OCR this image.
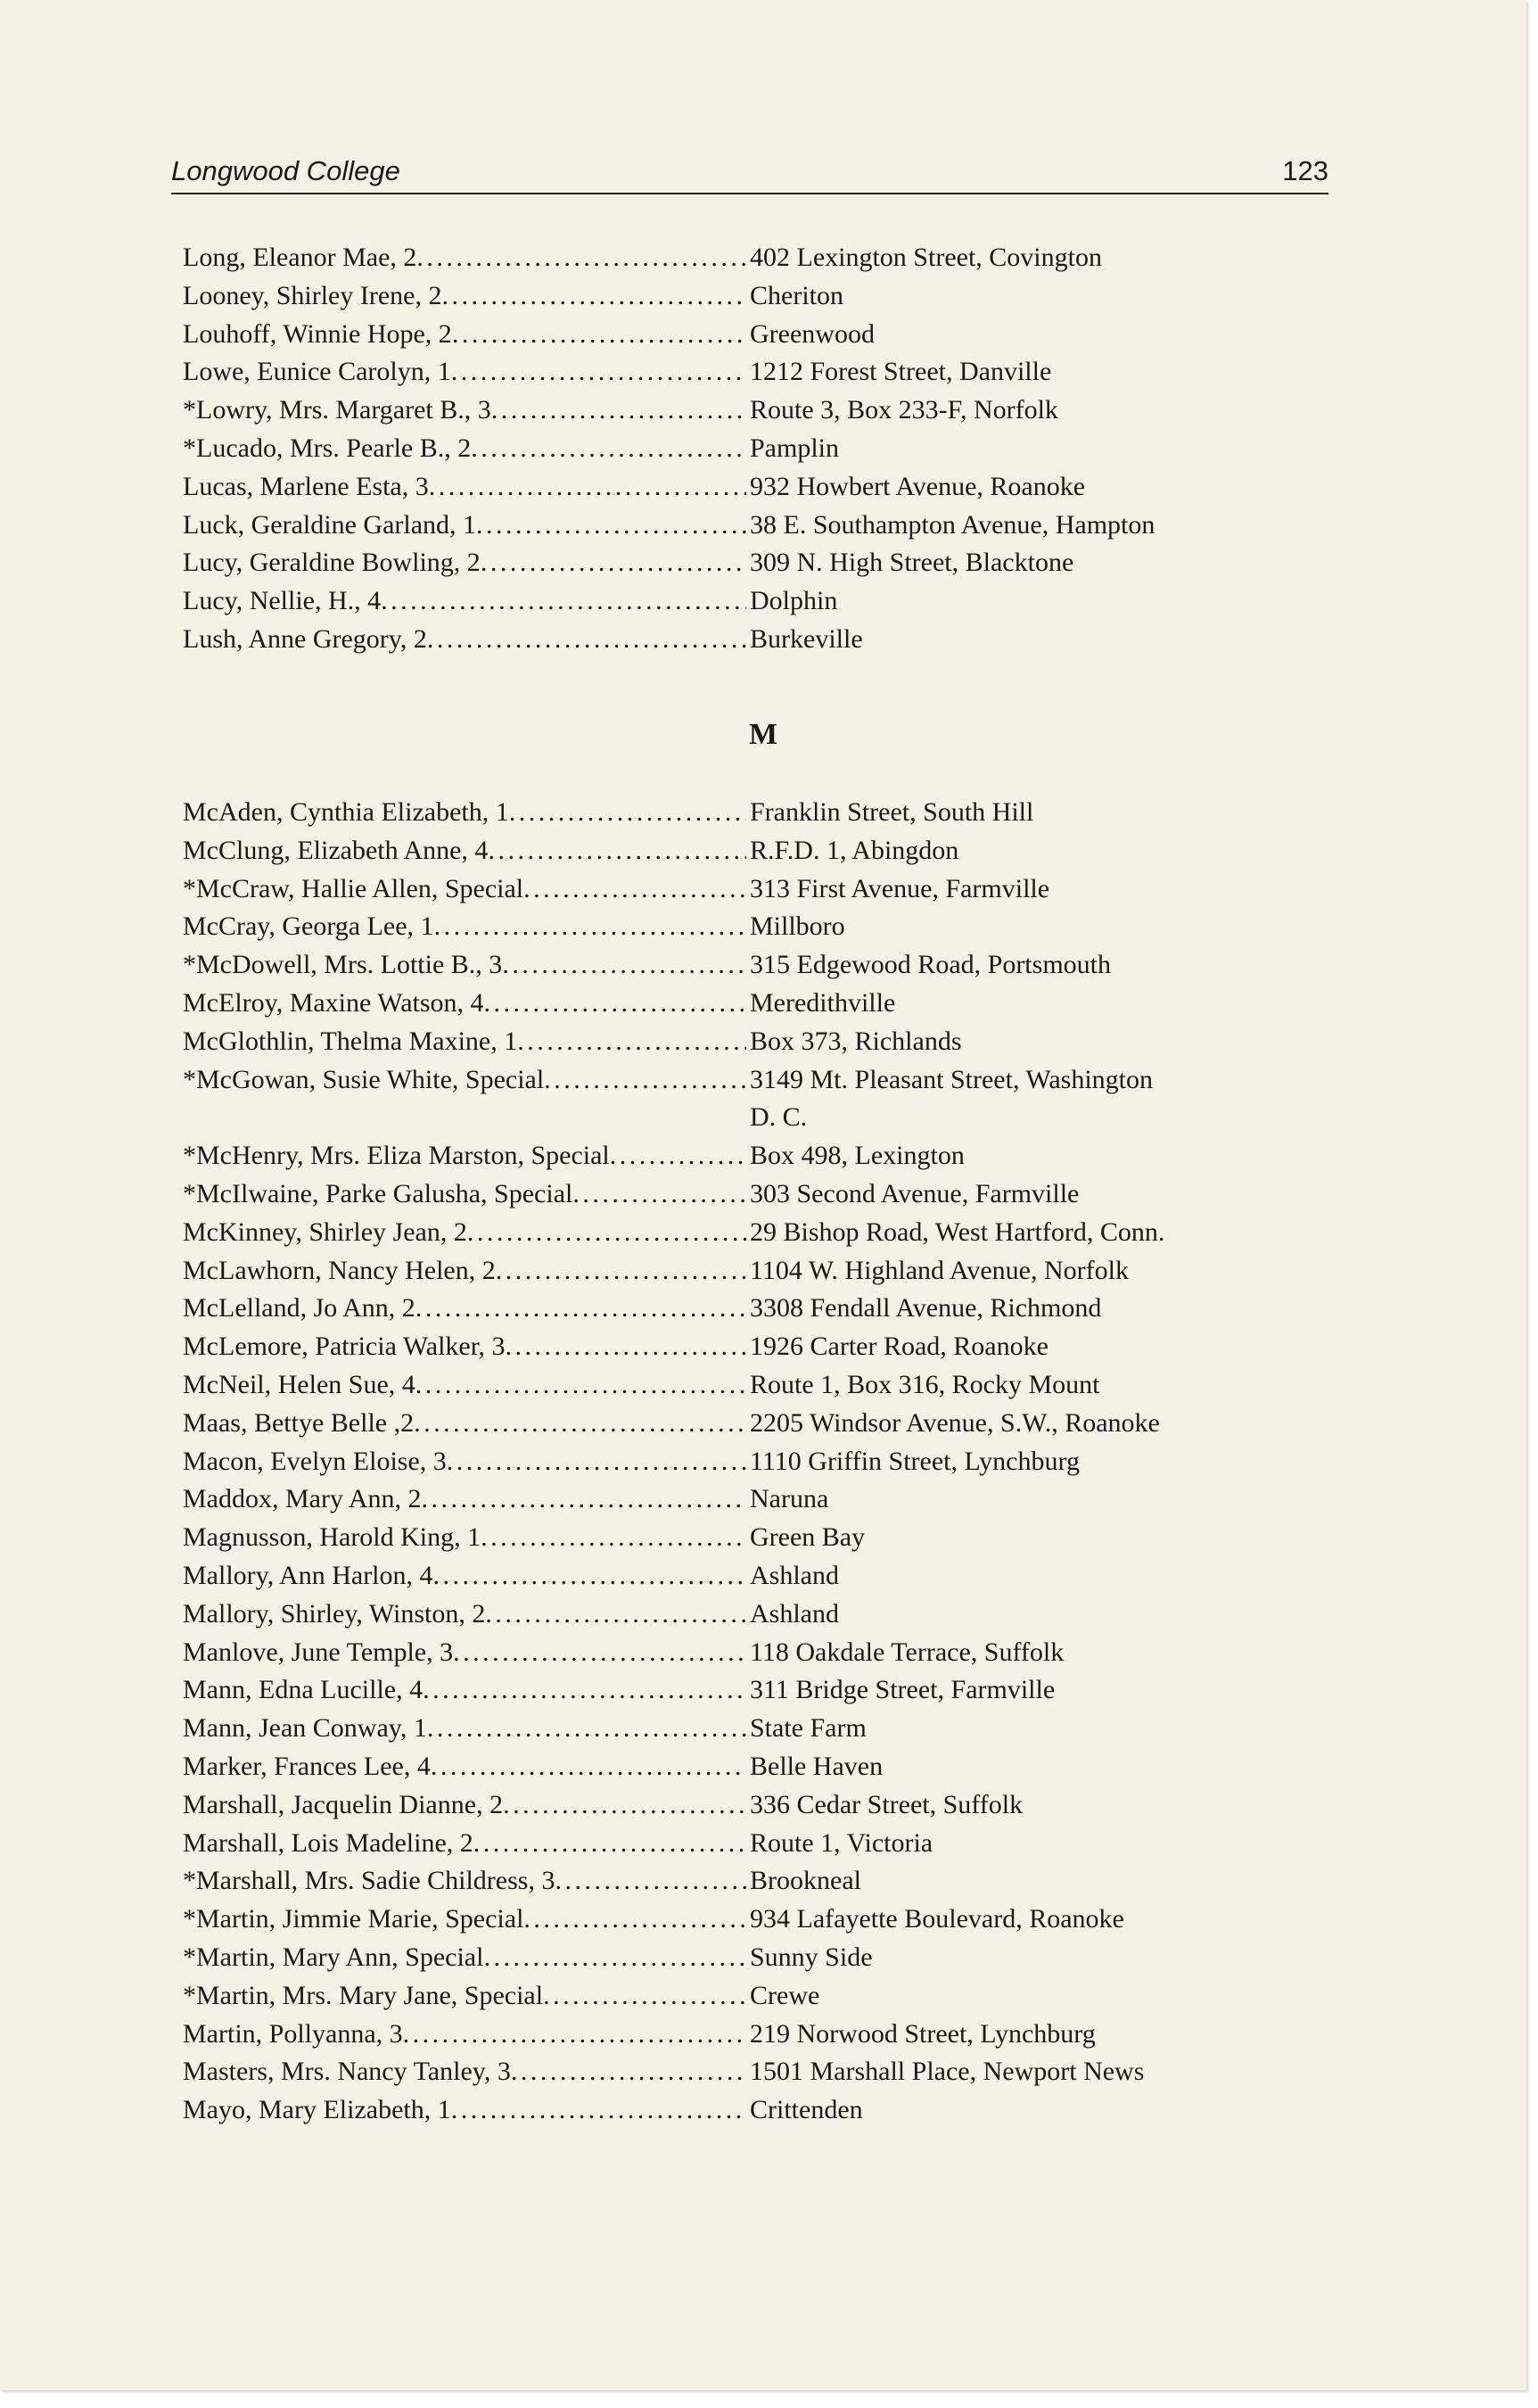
Longwood College	123
Long, Eleanor Mae, 2 . . .	402 Lexington Street, Covington
Looney, Shirley Irene, 2 . . .	Cheriton
Louhoff, Winnie Hope, 2 . . .	Greenwood
Lowe, Eunice Carolyn, 1 . . .	1212 Forest Street, Danville
*Lowry, Mrs. Margaret B., 3 . . .	Route 3, Box 233-F, Norfolk
*Lucado, Mrs. Pearle B., 2 . . .	Pamplin
Lucas, Marlene Esta, 3 . . .	932 Howbert Avenue, Roanoke
Luck, Geraldine Garland, 1 . . .	38 E. Southampton Avenue, Hampton
Lucy, Geraldine Bowling, 2 . . .	309 N. High Street, Blacktone
Lucy, Nellie, H., 4 . . .	Dolphin
Lush, Anne Gregory, 2 . . .	Burkeville
M
McAden, Cynthia Elizabeth, 1 . . .	Franklin Street, South Hill
McClung, Elizabeth Anne, 4 . . .	R.F.D. 1, Abingdon
*McCraw, Hallie Allen, Special . . .	313 First Avenue, Farmville
McCray, Georga Lee, 1 . . .	Millboro
*McDowell, Mrs. Lottie B., 3 . . .	315 Edgewood Road, Portsmouth
McElroy, Maxine Watson, 4 . . .	Meredithville
McGlothlin, Thelma Maxine, 1 . . .	Box 373, Richlands
*McGowan, Susie White, Special . . .	3149 Mt. Pleasant Street, Washington
D. C.
*McHenry, Mrs. Eliza Marston, Special . . .	Box 498, Lexington
*McIlwaine, Parke Galusha, Special . . .	303 Second Avenue, Farmville
McKinney, Shirley Jean, 2 . . .	29 Bishop Road, West Hartford, Conn.
McLawhorn, Nancy Helen, 2 . . .	1104 W. Highland Avenue, Norfolk
McLelland, Jo Ann, 2 . . .	3308 Fendall Avenue, Richmond
McLemore, Patricia Walker, 3 . . .	1926 Carter Road, Roanoke
McNeil, Helen Sue, 4 . . .	Route 1, Box 316, Rocky Mount
Maas, Bettye Belle ,2 . . .	2205 Windsor Avenue, S.W., Roanoke
Macon, Evelyn Eloise, 3 . . .	1110 Griffin Street, Lynchburg
Maddox, Mary Ann, 2 . . .	Naruna
Magnusson, Harold King, 1 . . .	Green Bay
Mallory, Ann Harlon, 4 . . .	Ashland
Mallory, Shirley, Winston, 2 . . .	Ashland
Manlove, June Temple, 3 . . .	118 Oakdale Terrace, Suffolk
Mann, Edna Lucille, 4 . . .	311 Bridge Street, Farmville
Mann, Jean Conway, 1 . . .	State Farm
Marker, Frances Lee, 4 . . .	Belle Haven
Marshall, Jacquelin Dianne, 2 . . .	336 Cedar Street, Suffolk
Marshall, Lois Madeline, 2 . . .	Route 1, Victoria
*Marshall, Mrs. Sadie Childress, 3 . . .	Brookneal
*Martin, Jimmie Marie, Special . . .	934 Lafayette Boulevard, Roanoke
*Martin, Mary Ann, Special . . .	Sunny Side
*Martin, Mrs. Mary Jane, Special . . .	Crewe
Martin, Pollyanna, 3 . . .	219 Norwood Street, Lynchburg
Masters, Mrs. Nancy Tanley, 3 . . .	1501 Marshall Place, Newport News
Mayo, Mary Elizabeth, 1 . . .	Crittenden
